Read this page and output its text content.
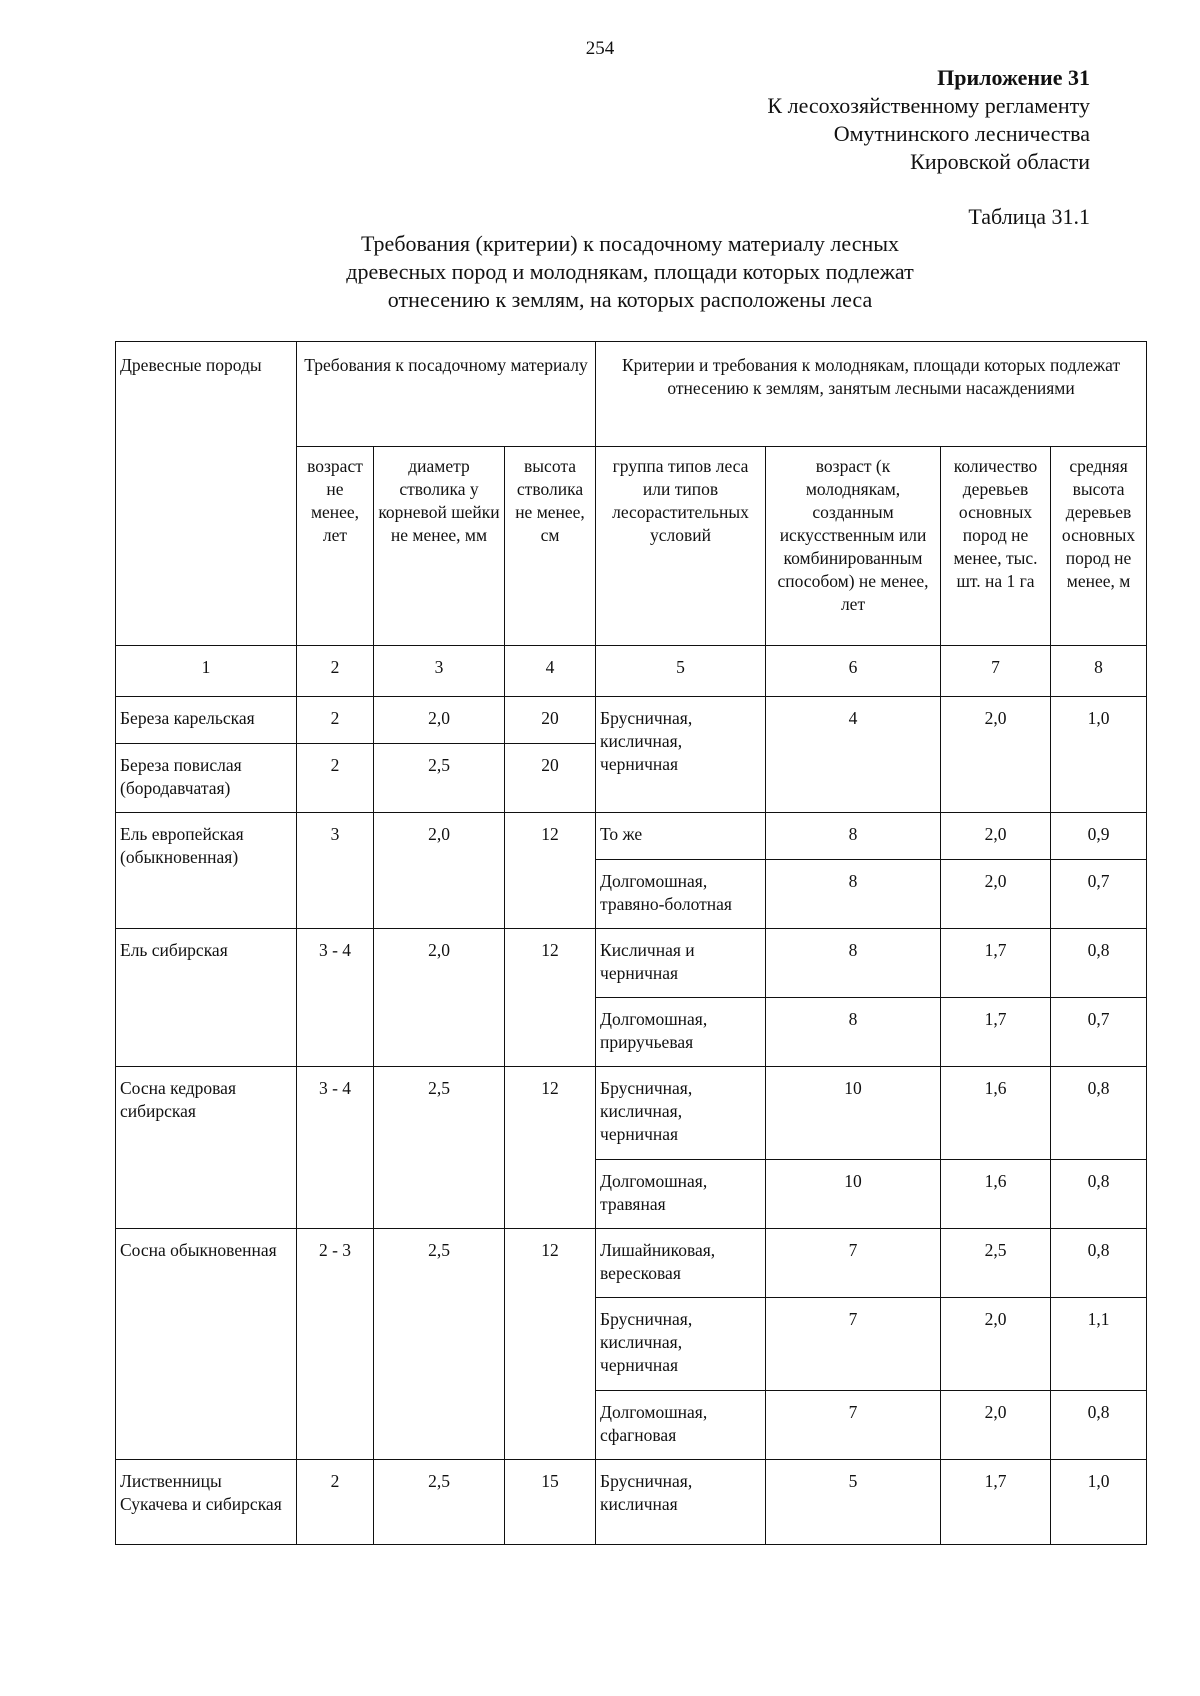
254
Приложение 31
К лесохозяйственному регламенту
Омутнинского лесничества
Кировской области
Таблица 31.1
Требования (критерии) к посадочному материалу лесных
древесных пород и молоднякам, площади которых подлежат
отнесению к землям, на которых расположены леса
Древесные породы	Требования к посадочному материалу			Критерии и требования к молоднякам, площади которых подлежат отнесению к землям, занятым лесными насаждениями			
	возраст не менее, лет	диаметр стволика у корневой шейки не менее, мм	высота стволика не менее, см	группа типов леса или типов лесорастительных условий	возраст (к молоднякам, созданным искусственным или комбинированным способом) не менее, лет	количество деревьев основных пород не менее, тыс. шт. на 1 га	средняя высота деревьев основных пород не менее, м
1	2	3	4	5	6	7	8
Береза карельская	2	2,0	20	Брусничная, кисличная, черничная	4	2,0	1,0
Береза повислая (бородавчатая)	2	2,5	20				
Ель европейская (обыкновенная)	3	2,0	12	То же	8	2,0	0,9
				Долгомошная, травяно-болотная	8	2,0	0,7
Ель сибирская	3 - 4	2,0	12	Кисличная и черничная	8	1,7	0,8
				Долгомошная, приручьевая	8	1,7	0,7
Сосна кедровая сибирская	3 - 4	2,5	12	Брусничная, кисличная, черничная	10	1,6	0,8
				Долгомошная, травяная	10	1,6	0,8
Сосна обыкновенная	2 - 3	2,5	12	Лишайниковая, вересковая	7	2,5	0,8
				Брусничная, кисличная, черничная	7	2,0	1,1
				Долгомошная, сфагновая	7	2,0	0,8
Лиственницы Сукачева и сибирская	2	2,5	15	Брусничная, кисличная	5	1,7	1,0
